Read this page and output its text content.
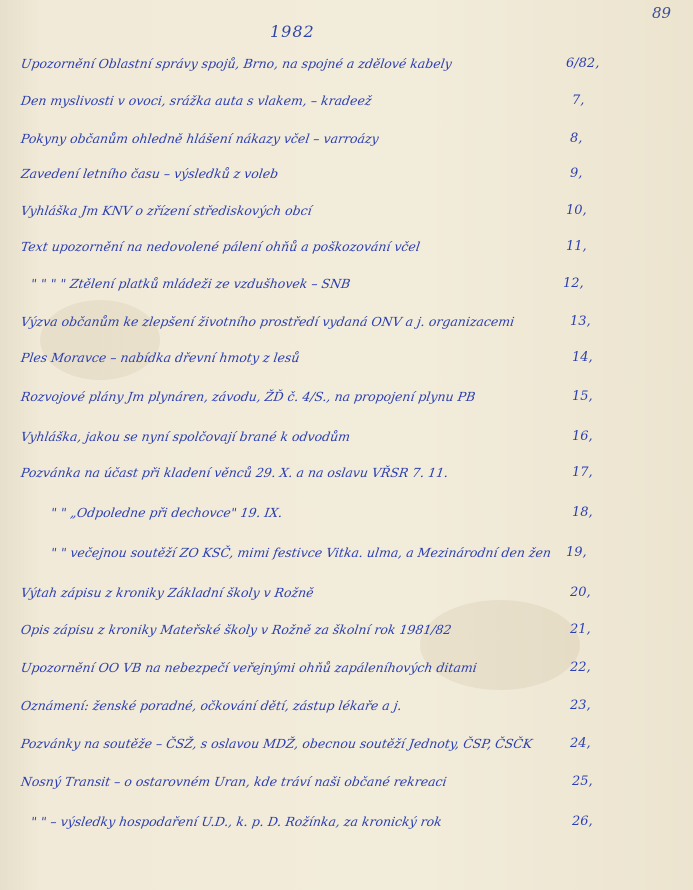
89
1982
Upozornění Oblastní správy spojů, Brno, na spojné a zdělové kabely	6/82,
Den myslivosti v ovoci, srážka auta s vlakem, – kradeež	7,
Pokyny občanům ohledně hlášení nákazy včel – varroázy	8,
Zavedení letního času – výsledků z voleb	9,
Vyhláška Jm KNV o zřízení střediskových obcí	10,
Text upozornění na nedovolené pálení ohňů a poškozování včel	11,
" " " " Ztělení platků mládeži ze vzdušhovek – SNB	12,
Výzva občanům ke zlepšení životního prostředí vydaná ONV a j. organizacemi	13,
Ples Moravce – nabídka dřevní hmoty z lesů	14,
Rozvojové plány Jm plynáren, závodu, ŽĎ č. 4/S., na propojení plynu PB	15,
Vyhláška, jakou se nyní spolčovají brané k odvodům	16,
Pozvánka na účast při kladení věnců 29. X. a na oslavu VŘSR 7. 11.	17,
" " „Odpoledne při dechovce" 19. IX.	18,
" " večejnou soutěží ZO KSČ, mimi festivce Vitka. ulma, a Mezinárodní den žen	19,
Výtah zápisu z kroniky Základní školy v Rožně	20,
Opis zápisu z kroniky Mateřské školy v Rožně za školní rok 1981/82	21,
Upozornění OO VB na nebezpečí veřejnými ohňů zapáleníhových ditami	22,
Oznámení: ženské poradné, očkování dětí, zástup lékaře a j.	23,
Pozvánky na soutěže – ČSŽ, s oslavou MDŽ, obecnou soutěží Jednoty, ČSP, ČSČK	24,
Nosný Transit – o ostarovném Uran, kde tráví naši občané rekreaci	25,
" " – výsledky hospodaření U.D., k. p. D. Rožínka, za kronický rok	26,
